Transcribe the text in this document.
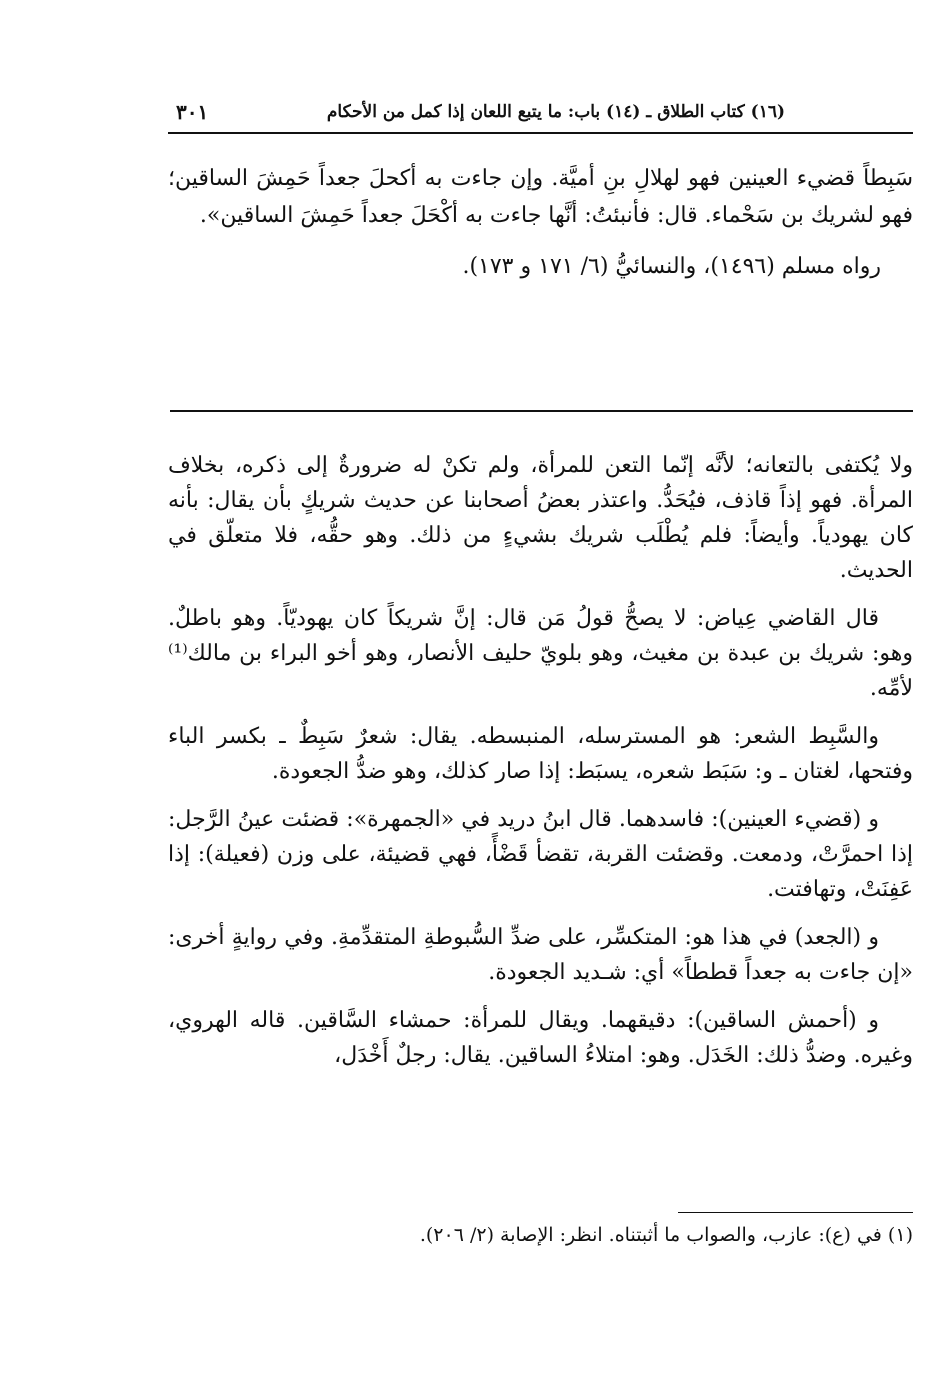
(١٦) كتاب الطلاق ـ (١٤) باب: ما يتبع اللعان إذا كمل من الأحكام
٣٠١

سَبِطاً قضيء العينين فهو لهلالِ بنِ أميَّة. وإن جاءت به أكحلَ جعداً حَمِشَ الساقين؛ فهو لشريك بن سَحْماء. قال: فأنبئتُ: أنَّها جاءت به أكْحَلَ جعداً حَمِشَ الساقين».

رواه مسلم (١٤٩٦)، والنسائيُّ (٦/ ١٧١ و ١٧٣).

ولا يُكتفى بالتعانه؛ لأنَّه إنّما التعن للمرأة، ولم تكنْ له ضرورةٌ إلى ذكره، بخلاف المرأة. فهو إذاً قاذف، فيُحَدُّ. واعتذر بعضُ أصحابنا عن حديث شريكٍ بأن يقال: بأنه كان يهودياً. وأيضاً: فلم يُطْلَب شريك بشيءٍ من ذلك. وهو حقُّه، فلا متعلّق في الحديث.

قال القاضي عِياض: لا يصحُّ قولُ مَن قال: إنَّ شريكاً كان يهوديّاً. وهو باطلٌ. وهو: شريك بن عبدة بن مغيث، وهو بلويّ حليف الأنصار، وهو أخو البراء بن مالك⁽¹⁾ لأمِّه.

والسَّبِط الشعر: هو المسترسله، المنبسطه. يقال: شعرٌ سَبِطٌ ـ بكسر الباء وفتحها، لغتان ـ و: سَبَط شعره، يسبَط: إذا صار كذلك، وهو ضدُّ الجعودة.

و (قضيء العينين): فاسدهما. قال ابنُ دريد في «الجمهرة»: قضئت عينُ الرَّجل: إذا احمرَّتْ، ودمعت. وقضئت القربة، تقضأ قَضْأً، فهي قضيئة، على وزن (فعيلة): إذا عَفِنَتْ، وتهافتت.

و (الجعد) في هذا هو: المتكسِّر، على ضدِّ السُّبوطةِ المتقدِّمةِ. وفي روايةٍ أخرى: «إن جاءت به جعداً قططاً» أي: شـديد الجعودة.

و (أحمش الساقين): دقيقهما. ويقال للمرأة: حمشاء السَّاقين. قاله الهروي، وغيره. وضدُّ ذلك: الخَدَل. وهو: امتلاءُ الساقين. يقال: رجلٌ أَخْدَل،

(١) في (ع): عازب، والصواب ما أثبتناه. انظر: الإصابة (٢/ ٢٠٦).
